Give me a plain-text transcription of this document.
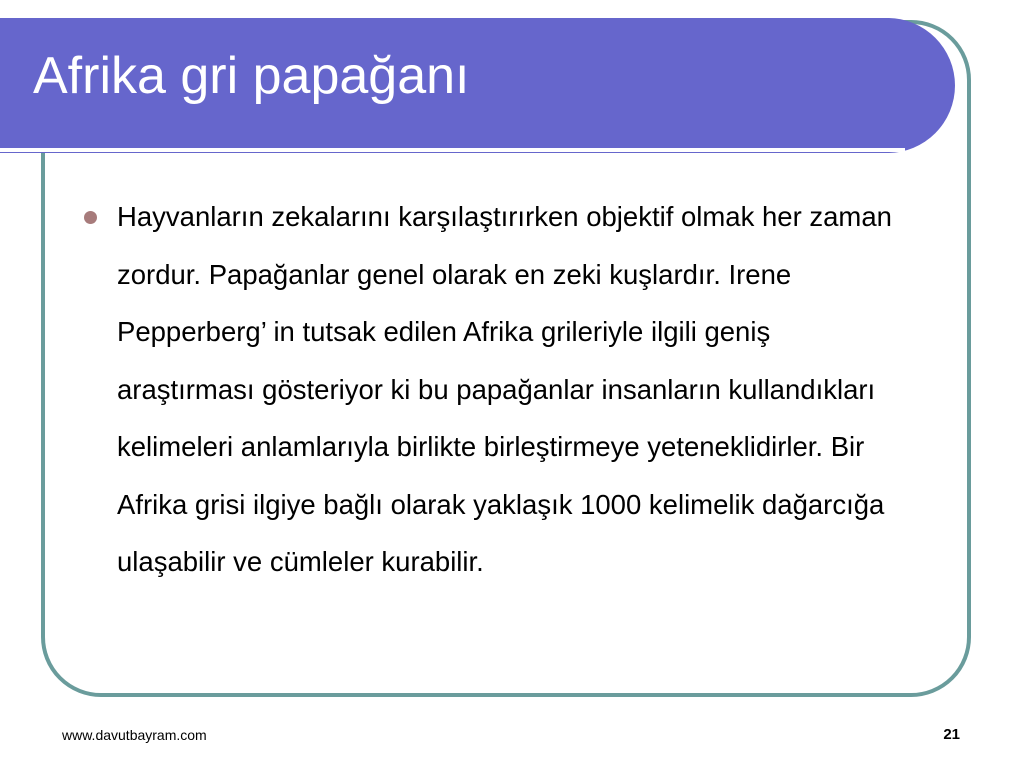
Afrika gri papağanı
Hayvanların zekalarını karşılaştırırken objektif olmak her zaman zordur. Papağanlar genel olarak en zeki kuşlardır. Irene Pepperberg’ in tutsak edilen Afrika grileriyle ilgili geniş araştırması gösteriyor ki bu papağanlar insanların kullandıkları kelimeleri anlamlarıyla birlikte birleştirmeye yeteneklidirler. Bir Afrika grisi ilgiye bağlı olarak yaklaşık 1000 kelimelik dağarcığa ulaşabilir ve cümleler kurabilir.
www.davutbayram.com	21
